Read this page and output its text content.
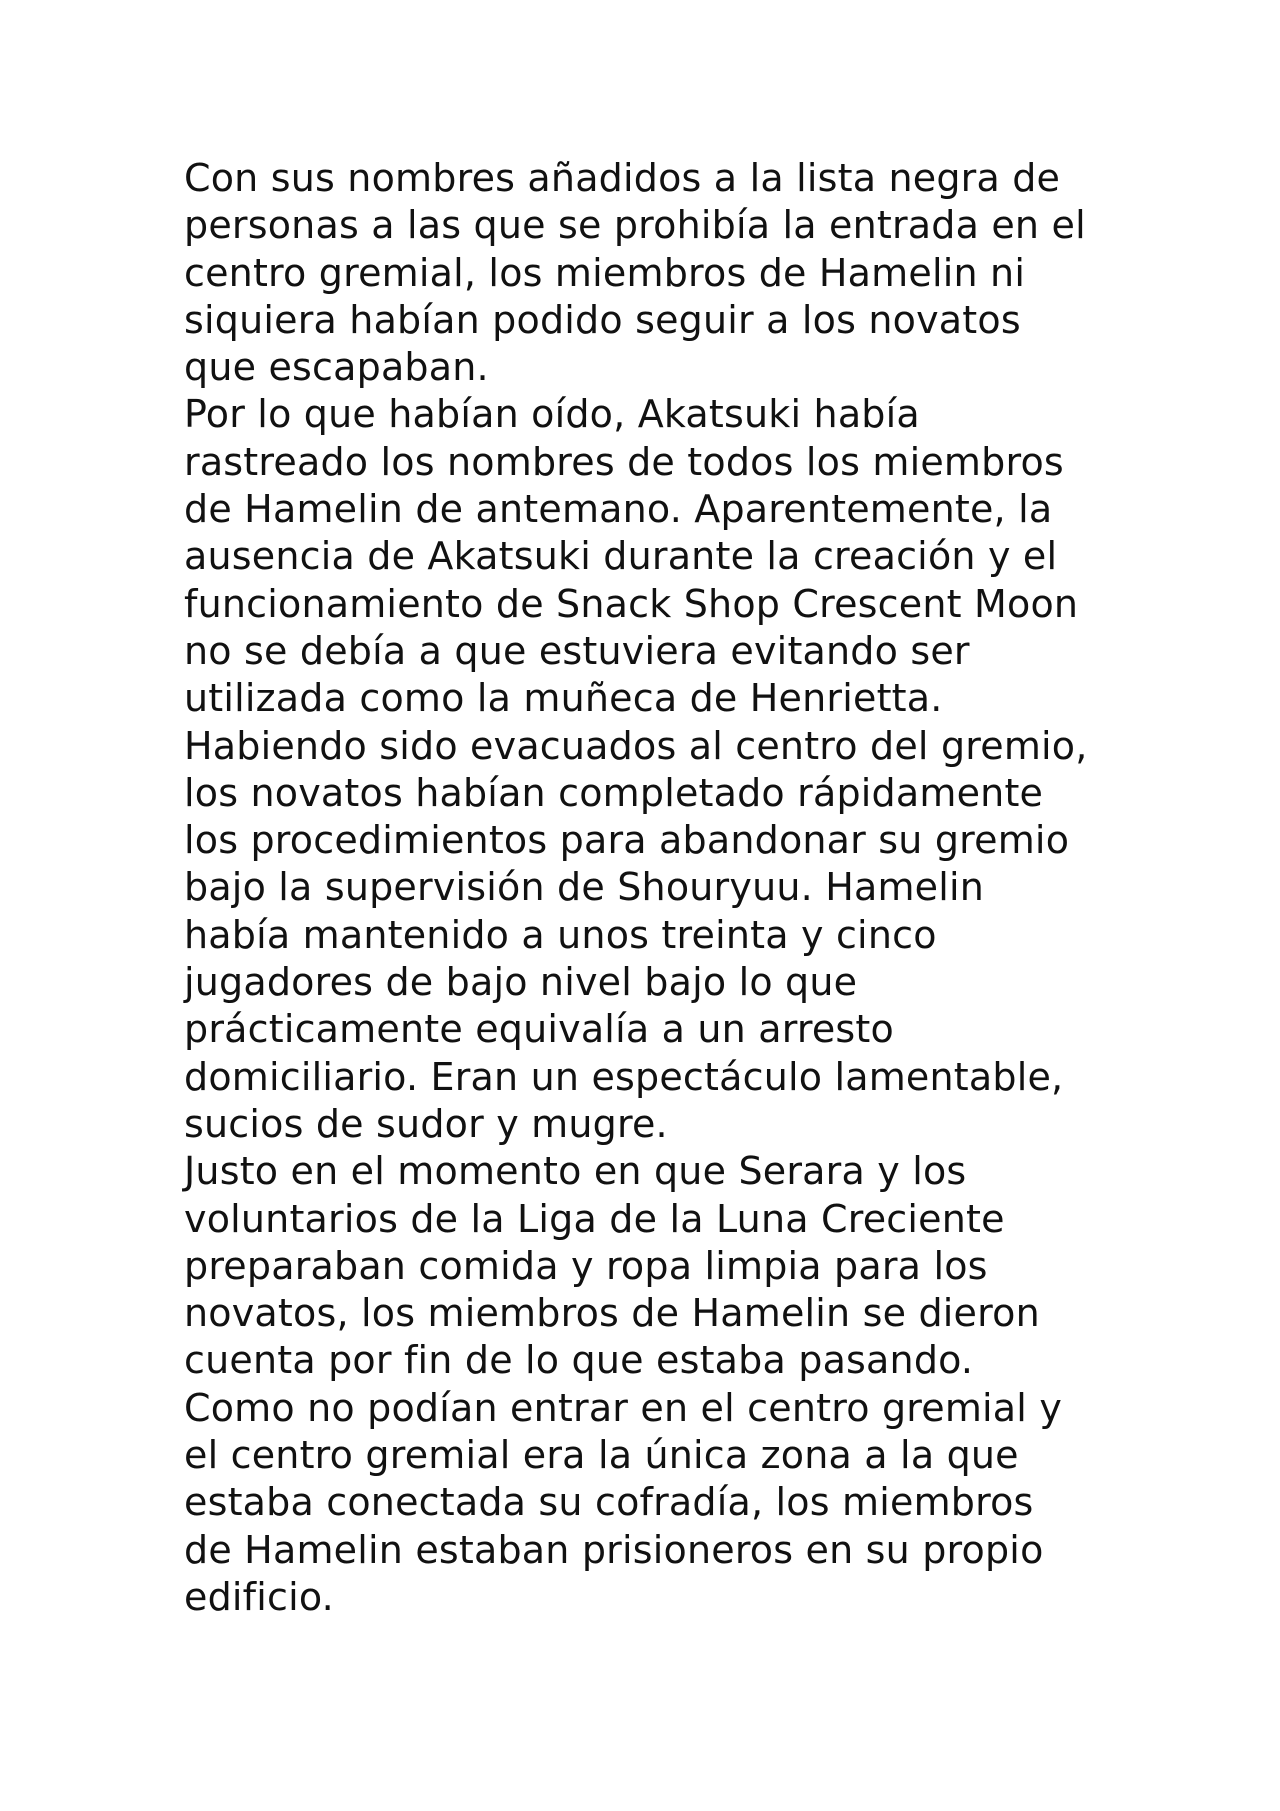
Con sus nombres añadidos a la lista negra de
personas a las que se prohibía la entrada en el
centro gremial, los miembros de Hamelin ni
siquiera habían podido seguir a los novatos
que escapaban.
Por lo que habían oído, Akatsuki había
rastreado los nombres de todos los miembros
de Hamelin de antemano. Aparentemente, la
ausencia de Akatsuki durante la creación y el
funcionamiento de Snack Shop Crescent Moon
no se debía a que estuviera evitando ser
utilizada como la muñeca de Henrietta.
Habiendo sido evacuados al centro del gremio,
los novatos habían completado rápidamente
los procedimientos para abandonar su gremio
bajo la supervisión de Shouryuu. Hamelin
había mantenido a unos treinta y cinco
jugadores de bajo nivel bajo lo que
prácticamente equivalía a un arresto
domiciliario. Eran un espectáculo lamentable,
sucios de sudor y mugre.
Justo en el momento en que Serara y los
voluntarios de la Liga de la Luna Creciente
preparaban comida y ropa limpia para los
novatos, los miembros de Hamelin se dieron
cuenta por fin de lo que estaba pasando.
Como no podían entrar en el centro gremial y
el centro gremial era la única zona a la que
estaba conectada su cofradía, los miembros
de Hamelin estaban prisioneros en su propio
edificio.
